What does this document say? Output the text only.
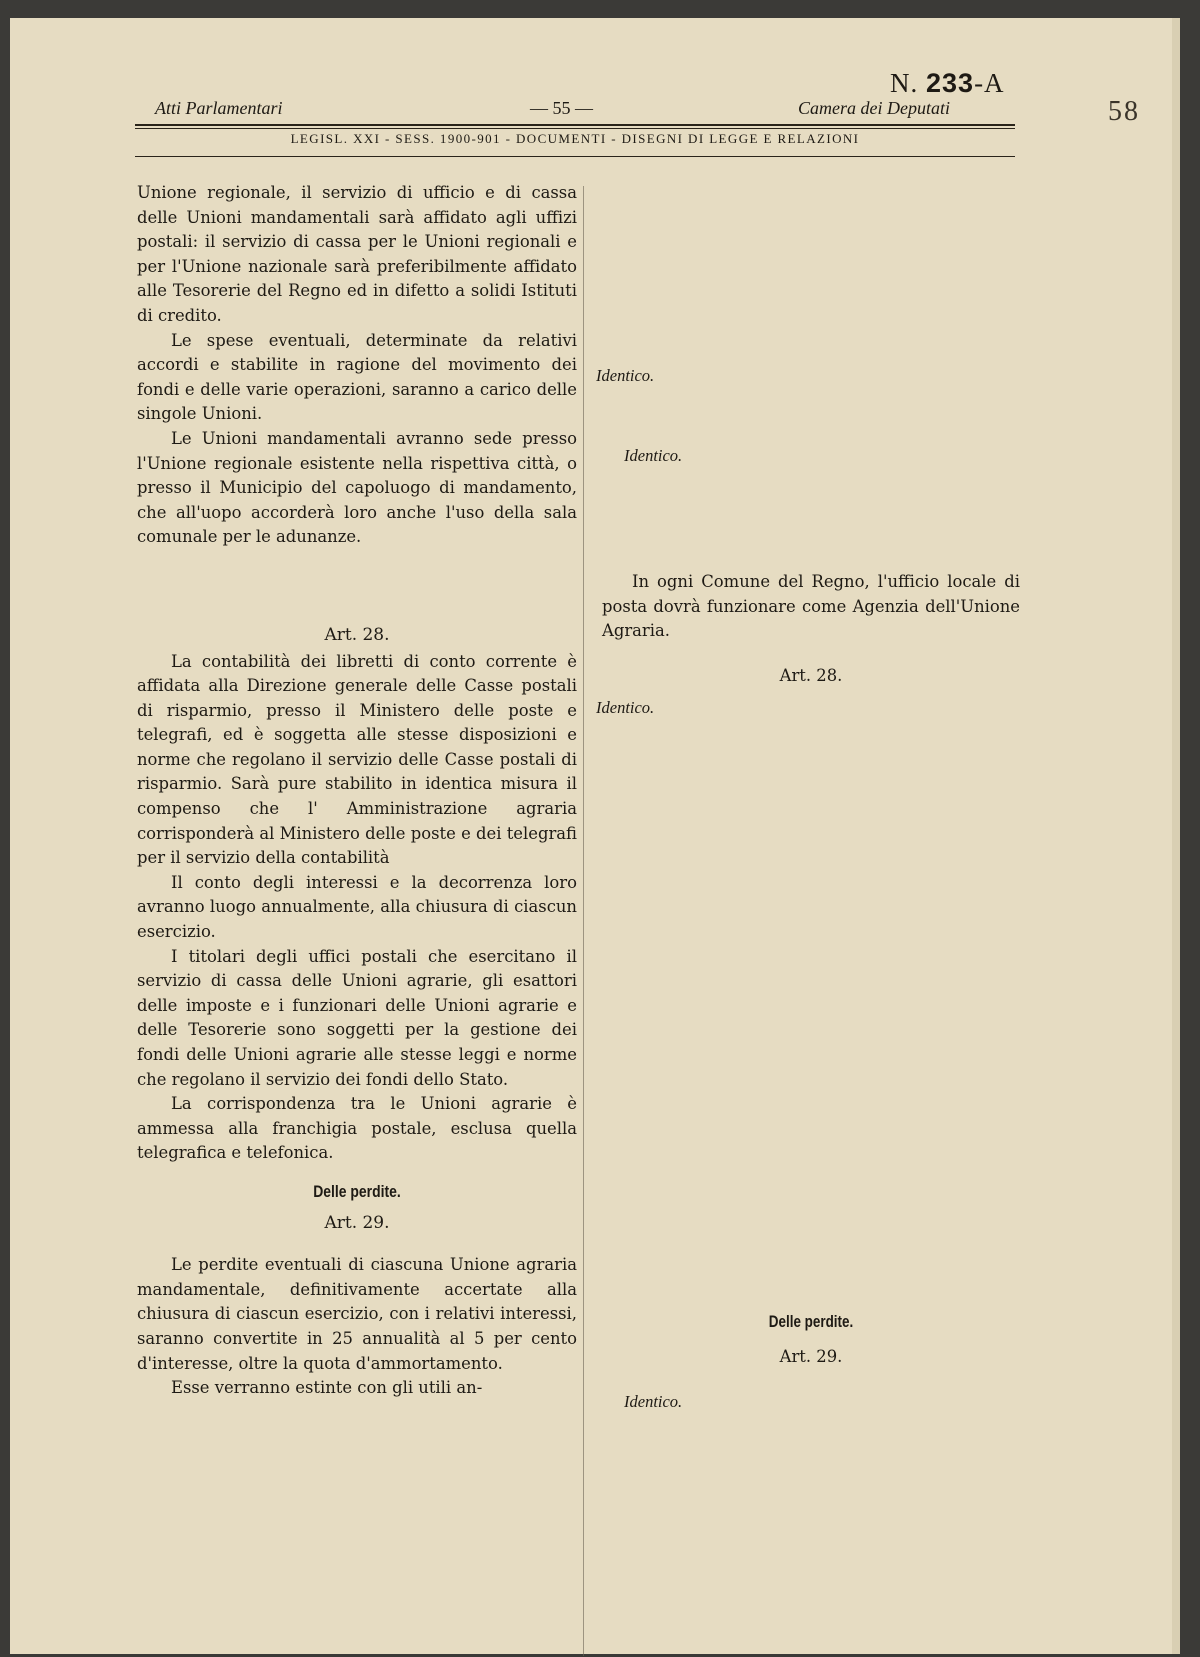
N. 233-A
58
Atti Parlamentari	— 55 —	Camera dei Deputati
LEGISL. XXI - SESS. 1900-901 - DOCUMENTI - DISEGNI DI LEGGE E RELAZIONI

Unione regionale, il servizio di ufficio e di cassa delle Unioni mandamentali sarà affidato agli uffizi postali: il servizio di cassa per le Unioni regionali e per l'Unione nazionale sarà preferibilmente affidato alle Tesorerie del Regno ed in difetto a solidi Istituti di credito.

Le spese eventuali, determinate da relativi accordi e stabilite in ragione del movimento dei fondi e delle varie operazioni, saranno a carico delle singole Unioni.

Le Unioni mandamentali avranno sede presso l'Unione regionale esistente nella rispettiva città, o presso il Municipio del capoluogo di mandamento, che all'uopo accorderà loro anche l'uso della sala comunale per le adunanze.

Art. 28.

La contabilità dei libretti di conto corrente è affidata alla Direzione generale delle Casse postali di risparmio, presso il Ministero delle poste e telegrafi, ed è soggetta alle stesse disposizioni e norme che regolano il servizio delle Casse postali di risparmio. Sarà pure stabilito in identica misura il compenso che l' Amministrazione agraria corrisponderà al Ministero delle poste e dei telegrafi per il servizio della contabilità

Il conto degli interessi e la decorrenza loro avranno luogo annualmente, alla chiusura di ciascun esercizio.

I titolari degli uffici postali che esercitano il servizio di cassa delle Unioni agrarie, gli esattori delle imposte e i funzionari delle Unioni agrarie e delle Tesorerie sono soggetti per la gestione dei fondi delle Unioni agrarie alle stesse leggi e norme che regolano il servizio dei fondi dello Stato.

La corrispondenza tra le Unioni agrarie è ammessa alla franchigia postale, esclusa quella telegrafica e telefonica.

Delle perdite.
Art. 29.

Le perdite eventuali di ciascuna Unione agraria mandamentale, definitivamente accertate alla chiusura di ciascun esercizio, con i relativi interessi, saranno convertite in 25 annualità al 5 per cento d'interesse, oltre la quota d'ammortamento.

Esse verranno estinte con gli utili an-

Identico.
Identico.
In ogni Comune del Regno, l'ufficio locale di posta dovrà funzionare come Agenzia dell'Unione Agraria.
Art. 28.
Identico.
Delle perdite.
Art. 29.
Identico.
